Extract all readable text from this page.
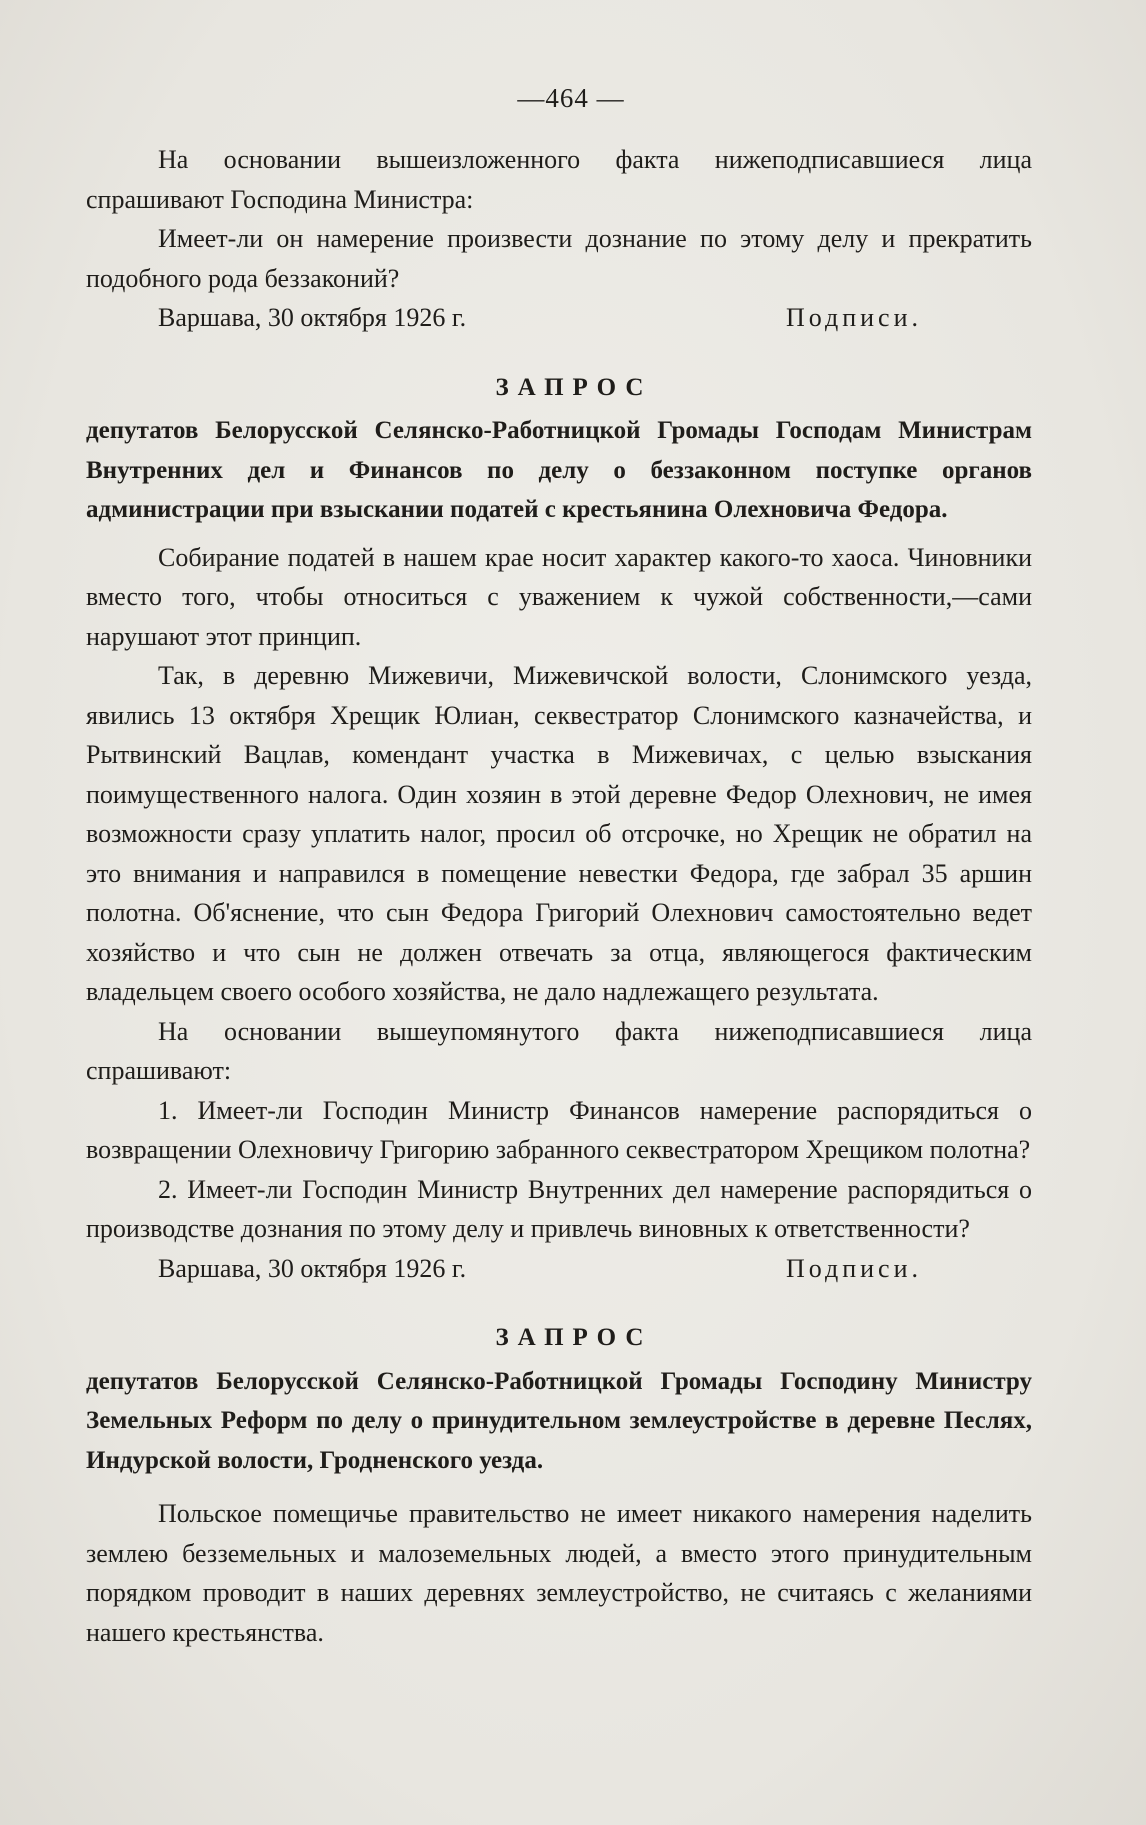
—464 —

На основании вышеизложенного факта нижеподписавшиеся лица спрашивают Господина Министра:

Имеет-ли он намерение произвести дознание по этому делу и прекратить подобного рода беззаконий?

Варшава, 30 октября 1926 г.	Подписи.
ЗАПРОС
депутатов Белорусской Селянско-Работницкой Громады Господам Министрам Внутренних дел и Финансов по делу о беззаконном поступке органов администрации при взыскании податей с крестьянина Олехновича Федора.

Собирание податей в нашем крае носит характер какого-то хаоса. Чиновники вместо того, чтобы относиться с уважением к чужой собственности,—сами нарушают этот принцип.

Так, в деревню Мижевичи, Мижевичской волости, Слонимского уезда, явились 13 октября Хрещик Юлиан, секвестратор Слонимского казначейства, и Рытвинский Вацлав, комендант участка в Мижевичах, с целью взыскания поимущественного налога. Один хозяин в этой деревне Федор Олехнович, не имея возможности сразу уплатить налог, просил об отсрочке, но Хрещик не обратил на это внимания и направился в помещение невестки Федора, где забрал 35 аршин полотна. Об'яснение, что сын Федора Григорий Олехнович самостоятельно ведет хозяйство и что сын не должен отвечать за отца, являющегося фактическим владельцем своего особого хозяйства, не дало надлежащего результата.

На основании вышеупомянутого факта нижеподписавшиеся лица спрашивают:

1. Имеет-ли Господин Министр Финансов намерение распорядиться о возвращении Олехновичу Григорию забранного секвестратором Хрещиком полотна?

2. Имеет-ли Господин Министр Внутренних дел намерение распорядиться о производстве дознания по этому делу и привлечь виновных к ответственности?

Варшава, 30 октября 1926 г.	Подписи.
ЗАПРОС
депутатов Белорусской Селянско-Работницкой Громады Господину Министру Земельных Реформ по делу о принудительном землеустройстве в деревне Песлях, Индурской волости, Гродненского уезда.

Польское помещичье правительство не имеет никакого намерения наделить землею безземельных и малоземельных людей, а вместо этого принудительным порядком проводит в наших деревнях землеустройство, не считаясь с желаниями нашего крестьянства.
